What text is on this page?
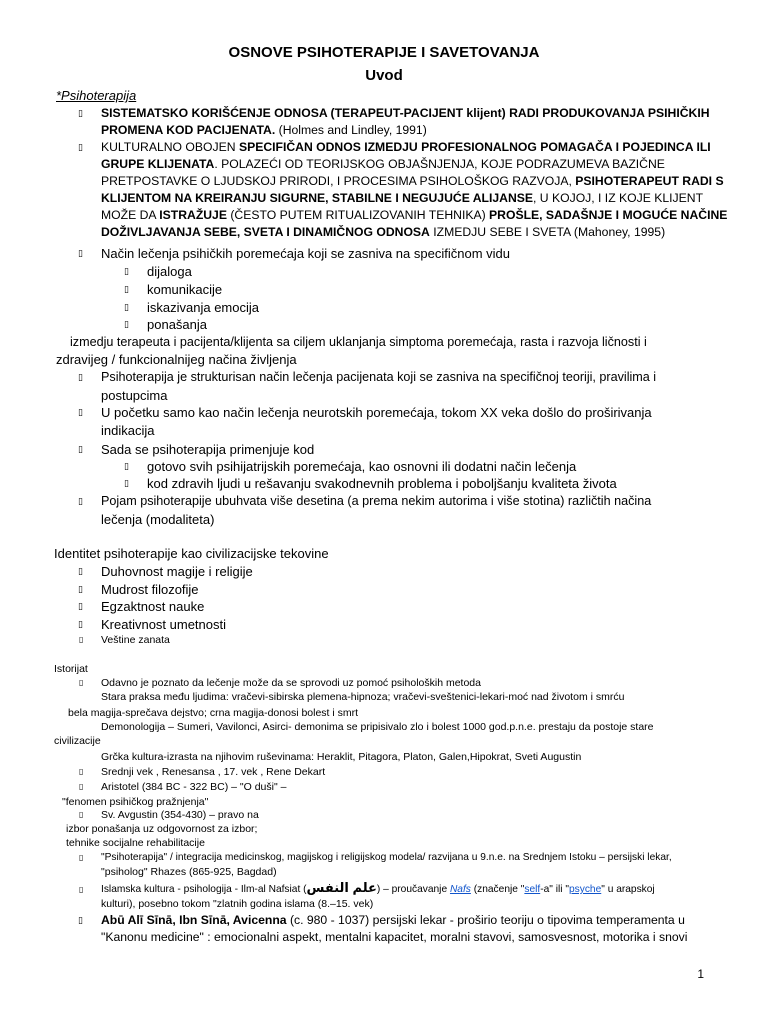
OSNOVE PSIHOTERAPIJE I SAVETOVANJA
Uvod
*Psihoterapija
▯ SISTEMATSKO KORIŠĆENJE ODNOSA (TERAPEUT-PACIJENT klijent) RADI PRODUKOVANJA PSIHIČKIH
PROMENA KOD PACIJENATA. (Holmes and Lindley, 1991)
▯ KULTURALNO OBOJEN SPECIFIČAN ODNOS IZMEDJU PROFESIONALNOG POMAGAČA I POJEDINCA ILI
GRUPE KLIJENATA. POLAZEĆI OD TEORIJSKOG OBJAŠNJENJA, KOJE PODRAZUMEVA BAZIČNE
PRETPOSTAVKE O LJUDSKOJ PRIRODI, I PROCESIMA PSIHOLOŠKOG RAZVOJA, PSIHOTERAPEUT RADI S
KLIJENTOM NA KREIRANJU SIGURNE, STABILNE I NEGUJUĆE ALIJANSE, U KOJOJ, I IZ KOJE KLIJENT
MOŽE DA ISTRAŽUJE (ČESTO PUTEM RITUALIZOVANIH TEHNIKA) PROŠLE, SADAŠNJE I MOGUĆE NAČINE
DOŽIVLJAVANJA SEBE, SVETA I DINAMIČNOG ODNOSA IZMEDJU SEBE I SVETA (Mahoney, 1995)
▯ Način lečenja psihičkih poremećaja koji se zasniva na specifičnom vidu
▯ dijaloga
▯ komunikacije
▯ iskazivanja emocija
▯ ponašanja
izmedju terapeuta i pacijenta/klijenta sa ciljem uklanjanja simptoma poremećaja, rasta i razvoja ličnosti i
zdravijeg / funkcionalnijeg načina življenja
▯ Psihoterapija je strukturisan način lečenja pacijenata koji se zasniva na specifičnoj teoriji, pravilima i
postupcima
▯ U početku samo kao način lečenja neurotskih poremećaja, tokom XX veka došlo do proširivanja
indikacija
▯ Sada se psihoterapija primenjuje kod
▯ gotovo svih psihijatrijskih poremećaja, kao osnovni ili dodatni način lečenja
▯ kod zdravih ljudi u rešavanju svakodnevnih problema i poboljšanju kvaliteta života
▯ Pojam psihoterapije ubuhvata više desetina (a prema nekim autorima i više stotina) različtih načina
lečenja (modaliteta)
Identitet psihoterapije kao civilizacijske tekovine
▯ Duhovnost magije i religije
▯ Mudrost filozofije
▯ Egzaktnost nauke
▯ Kreativnost umetnosti
▯ Veštine zanata
Istorijat
▯ Odavno je poznato da lečenje može da se sprovodi uz pomoć psiholoških metoda
Stara praksa među ljudima: vračevi-sibirska plemena-hipnoza; vračevi-sveštenici-lekari-moć nad životom i smrću
bela magija-sprečava dejstvo; crna magija-donosi bolest i smrt
Demonologija – Sumeri, Vavilonci, Asirci- demonima se pripisivalo zlo i bolest 1000 god.p.n.e. prestaju da postoje stare
civilizacije
Grčka kultura-izrasta na njihovim ruševinama: Heraklit, Pitagora, Platon, Galen,Hipokrat, Sveti Augustin
▯ Srednji vek , Renesansa , 17. vek , Rene Dekart
▯ Aristotel (384 BC - 322 BC) – "O duši" –
"fenomen psihičkog pražnjenja"
▯ Sv. Avgustin (354-430) – pravo na
izbor ponašanja uz odgovornost za izbor;
tehnike socijalne rehabilitacije
▯ "Psihoterapija" / integracija medicinskog, magijskog i religijskog modela/ razvijana u 9.n.e. na Srednjem Istoku – persijski lekar,
"psiholog" Rhazes (865-925, Bagdad)
▯ Islamska kultura - psihologija - Ilm-al Nafsiat (علم النفس) – proučavanje Nafs (značenje "self-a" ili "psyche" u arapskoj
kulturi), posebno tokom "zlatnih godina islama (8.–15. vek)
▯ Abū Alī Sīnā, Ibn Sīnā, Avicenna (c. 980 - 1037) persijski lekar - proširio teoriju o tipovima temperamenta u
"Kanonu medicine" : emocionalni aspekt, mentalni kapacitet, moralni stavovi, samosvesnost, motorika i snovi
1
